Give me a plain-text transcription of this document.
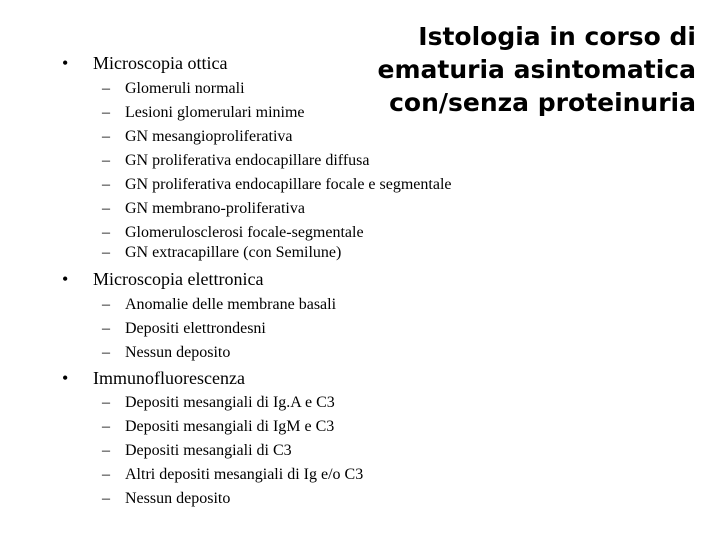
Istologia in corso di
ematuria asintomatica
con/senza proteinuria
• Microscopia ottica
– Glomeruli normali
– Lesioni glomerulari minime
– GN mesangioproliferativa
– GN proliferativa endocapillare diffusa
– GN proliferativa endocapillare focale e segmentale
– GN membrano-proliferativa
– Glomerulosclerosi focale-segmentale
– GN extracapillare (con Semilune)
• Microscopia elettronica
– Anomalie delle membrane basali
– Depositi elettrondesni
– Nessun deposito
• Immunofluorescenza
– Depositi mesangiali di Ig.A e C3
– Depositi mesangiali di IgM e C3
– Depositi mesangiali di C3
– Altri depositi mesangiali di Ig e/o C3
– Nessun deposito
